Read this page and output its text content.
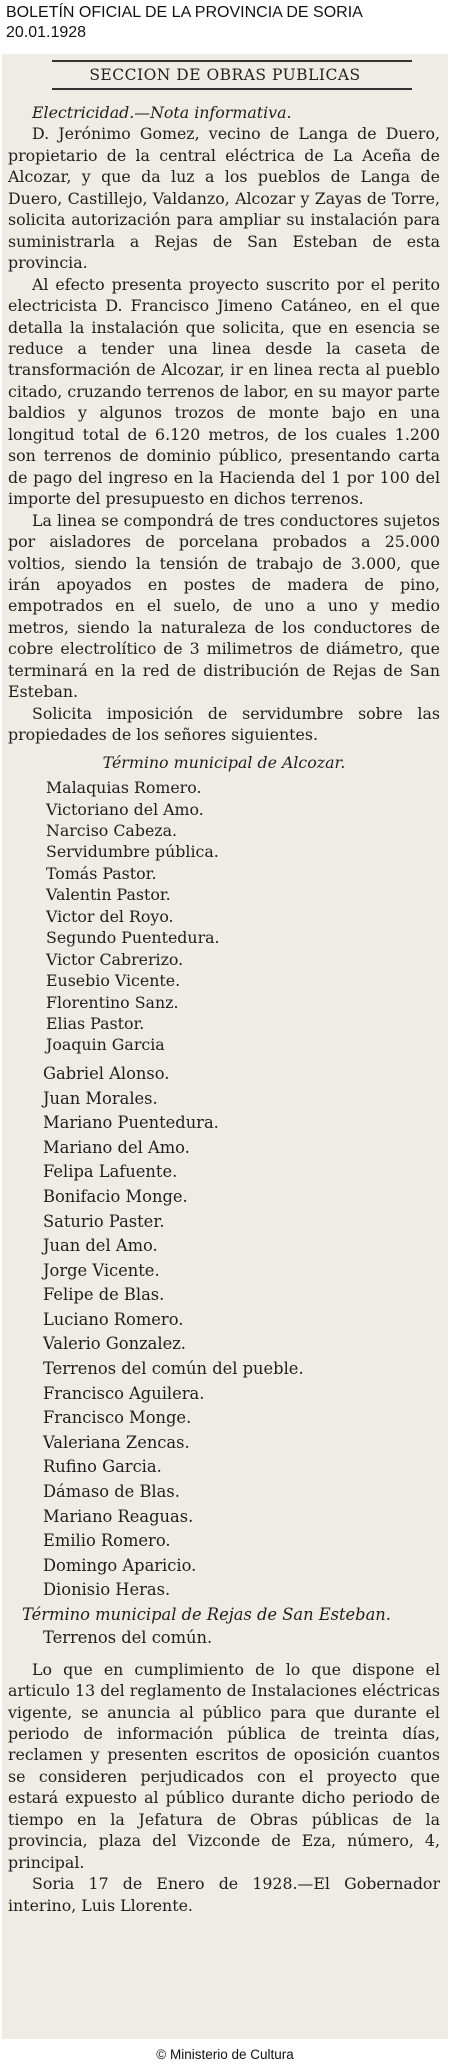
BOLETÍN OFICIAL DE LA PROVINCIA DE SORIA
20.01.1928
SECCION DE OBRAS PUBLICAS

Electricidad.—Nota informativa.

D. Jerónimo Gomez, vecino de Langa de Duero, propietario de la central eléctrica de La Aceña de Alcozar, y que da luz a los pueblos de Langa de Duero, Castillejo, Valdanzo, Alcozar y Zayas de Torre, solicita autorización para ampliar su instalación para suministrarla a Rejas de San Esteban de esta provincia.

Al efecto presenta proyecto suscrito por el perito electricista D. Francisco Jimeno Catáneo, en el que detalla la instalación que solicita, que en esencia se reduce a tender una linea desde la caseta de transformación de Alcozar, ir en linea recta al pueblo citado, cruzando terrenos de labor, en su mayor parte baldios y algunos trozos de monte bajo en una longitud total de 6.120 metros, de los cuales 1.200 son terrenos de dominio público, presentando carta de pago del ingreso en la Hacienda del 1 por 100 del importe del presupuesto en dichos terrenos.

La linea se compondrá de tres conductores sujetos por aisladores de porcelana probados a 25.000 voltios, siendo la tensión de trabajo de 3.000, que irán apoyados en postes de madera de pino, empotrados en el suelo, de uno a uno y medio metros, siendo la naturaleza de los conductores de cobre electrolítico de 3 milimetros de diámetro, que terminará en la red de distribución de Rejas de San Esteban.

Solicita imposición de servidumbre sobre las propiedades de los señores siguientes.

Término municipal de Alcozar.
Malaquias Romero.
Victoriano del Amo.
Narciso Cabeza.
Servidumbre pública.
Tomás Pastor.
Valentin Pastor.
Victor del Royo.
Segundo Puentedura.
Victor Cabrerizo.
Eusebio Vicente.
Florentino Sanz.
Elias Pastor.
Joaquin Garcia
Gabriel Alonso.
Juan Morales.
Mariano Puentedura.
Mariano del Amo.
Felipa Lafuente.
Bonifacio Monge.
Saturio Paster.
Juan del Amo.
Jorge Vicente.
Felipe de Blas.
Luciano Romero.
Valerio Gonzalez.
Terrenos del común del pueble.
Francisco Aguilera.
Francisco Monge.
Valeriana Zencas.
Rufino Garcia.
Dámaso de Blas.
Mariano Reaguas.
Emilio Romero.
Domingo Aparicio.
Dionisio Heras.
Término municipal de Rejas de San Esteban.
Terrenos del común.

Lo que en cumplimiento de lo que dispone el articulo 13 del reglamento de Instalaciones eléctricas vigente, se anuncia al público para que durante el periodo de información pública de treinta días, reclamen y presenten escritos de oposición cuantos se consideren perjudicados con el proyecto que estará expuesto al público durante dicho periodo de tiempo en la Jefatura de Obras públicas de la provincia, plaza del Vizconde de Eza, número, 4, principal.

Soria 17 de Enero de 1928.—El Gobernador interino, Luis Llorente.

© Ministerio de Cultura
